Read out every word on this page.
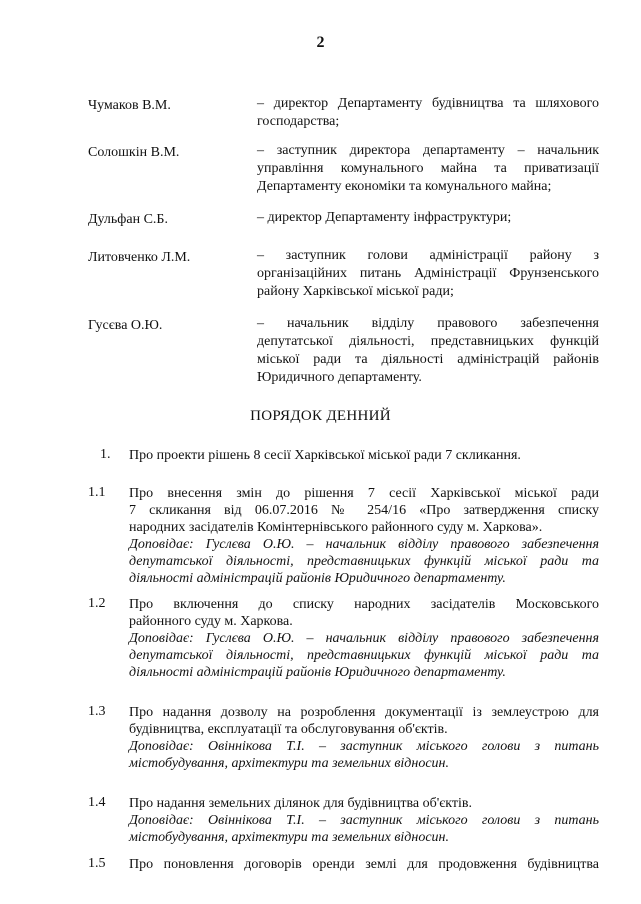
2
Чумаков В.М.	– директор Департаменту будівництва та шляхового
господарства;
Солошкін В.М.	– заступник директора департаменту – начальник
управління комунального майна та приватизації
Департаменту економіки та комунального майна;
Дульфан С.Б.	– директор Департаменту інфраструктури;
Литовченко Л.М.	– заступник голови адміністрації району з
організаційних питань Адміністрації Фрунзенського
району Харківської міської ради;
Гусєва О.Ю.	– начальник відділу правового забезпечення
депутатської діяльності, представницьких функцій
міської ради та діяльності адміністрацій районів
Юридичного департаменту.
ПОРЯДОК ДЕННИЙ
1. Про проекти рішень 8 сесії Харківської міської ради 7 скликання.
1.1 Про внесення змін до рішення 7 сесії Харківської міської ради
7 скликання від 06.07.2016 № 254/16 «Про затвердження списку
народних засідателів Комінтернівського районного суду м. Харкова».
Доповідає: Гуслєва О.Ю. – начальник відділу правового забезпечення
депутатської діяльності, представницьких функцій міської ради та
діяльності адміністрацій районів Юридичного департаменту.
1.2 Про включення до списку народних засідателів Московського
районного суду м. Харкова.
Доповідає: Гуслєва О.Ю. – начальник відділу правового забезпечення
депутатської діяльності, представницьких функцій міської ради та
діяльності адміністрацій районів Юридичного департаменту.
1.3 Про надання дозволу на розроблення документації із землеустрою для
будівництва, експлуатації та обслуговування об'єктів.
Доповідає: Овіннікова Т.І. – заступник міського голови з питань
містобудування, архітектури та земельних відносин.
1.4 Про надання земельних ділянок для будівництва об'єктів.
Доповідає: Овіннікова Т.І. – заступник міського голови з питань
містобудування, архітектури та земельних відносин.
1.5 Про поновлення договорів оренди землі для продовження будівництва
